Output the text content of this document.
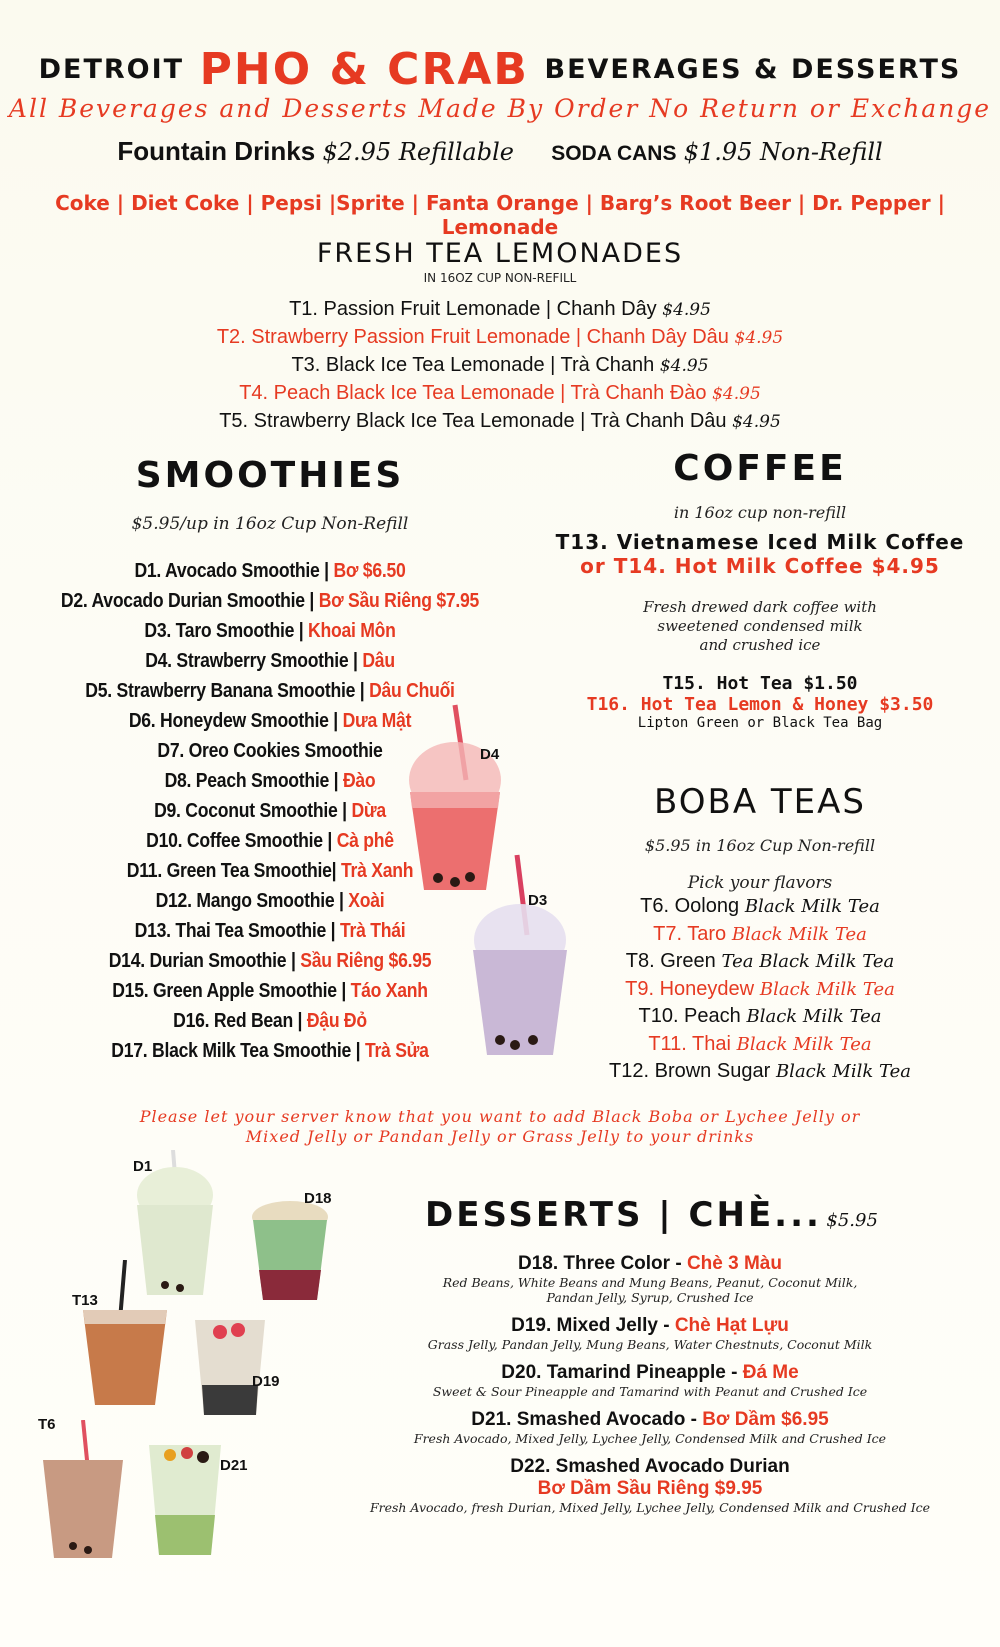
DETROIT PHO & CRAB BEVERAGES & DESSERTS
All Beverages and Desserts Made By Order No Return or Exchange
Fountain Drinks $2.95 Refillable SODA CANS $1.95 Non-Refill
Coke | Diet Coke | Pepsi |Sprite | Fanta Orange | Barg’s Root Beer | Dr. Pepper | Lemonade
FRESH TEA LEMONADES
IN 16OZ CUP NON-REFILL
T1. Passion Fruit Lemonade | Chanh Dây $4.95
T2. Strawberry Passion Fruit Lemonade | Chanh Dây Dâu $4.95
T3. Black Ice Tea Lemonade | Trà Chanh $4.95
T4. Peach Black Ice Tea Lemonade | Trà Chanh Đào $4.95
T5. Strawberry Black Ice Tea Lemonade | Trà Chanh Dâu $4.95
SMOOTHIES
$5.95/up in 16oz Cup Non-Refill
D1. Avocado Smoothie | Bơ $6.50
D2. Avocado Durian Smoothie | Bơ Sầu Riêng $7.95
D3. Taro Smoothie | Khoai Môn
D4. Strawberry Smoothie | Dâu
D5. Strawberry Banana Smoothie | Dâu Chuối
D6. Honeydew Smoothie | Dưa Mật
D7. Oreo Cookies Smoothie
D8. Peach Smoothie | Đào
D9. Coconut Smoothie | Dừa
D10. Coffee Smoothie | Cà phê
D11. Green Tea Smoothie| Trà Xanh
D12. Mango Smoothie | Xoài
D13. Thai Tea Smoothie | Trà Thái
D14. Durian Smoothie | Sầu Riêng $6.95
D15. Green Apple Smoothie | Táo Xanh
D16. Red Bean | Đậu Đỏ
D17. Black Milk Tea Smoothie | Trà Sửa
COFFEE
in 16oz cup non-refill
T13. Vietnamese Iced Milk Coffee
or T14. Hot Milk Coffee $4.95
Fresh drewed dark coffee with
sweetened condensed milk
and crushed ice
T15. Hot Tea $1.50
T16. Hot Tea Lemon & Honey $3.50
Lipton Green or Black Tea Bag
BOBA TEAS
$5.95 in 16oz Cup Non-refill
Pick your flavors
T6. Oolong Black Milk Tea
T7. Taro Black Milk Tea
T8. Green Tea Black Milk Tea
T9. Honeydew Black Milk Tea
T10. Peach Black Milk Tea
T11. Thai Black Milk Tea
T12. Brown Sugar Black Milk Tea
Please let your server know that you want to add Black Boba or Lychee Jelly or
Mixed Jelly or Pandan Jelly or Grass Jelly to your drinks
DESSERTS | CHÈ... $5.95
D18. Three Color - Chè 3 Màu
Red Beans, White Beans and Mung Beans, Peanut, Coconut Milk,
Pandan Jelly, Syrup, Crushed Ice
D19. Mixed Jelly - Chè Hạt Lựu
Grass Jelly, Pandan Jelly, Mung Beans, Water Chestnuts, Coconut Milk
D20. Tamarind Pineapple - Đá Me
Sweet & Sour Pineapple and Tamarind with Peanut and Crushed Ice
D21. Smashed Avocado - Bơ Dầm $6.95
Fresh Avocado, Mixed Jelly, Lychee Jelly, Condensed Milk and Crushed Ice
D22. Smashed Avocado Durian
Bơ Dầm Sầu Riêng $9.95
Fresh Avocado, fresh Durian, Mixed Jelly, Lychee Jelly, Condensed Milk and Crushed Ice
D4
D3
D1
D18
T13
D19
T6
D21
